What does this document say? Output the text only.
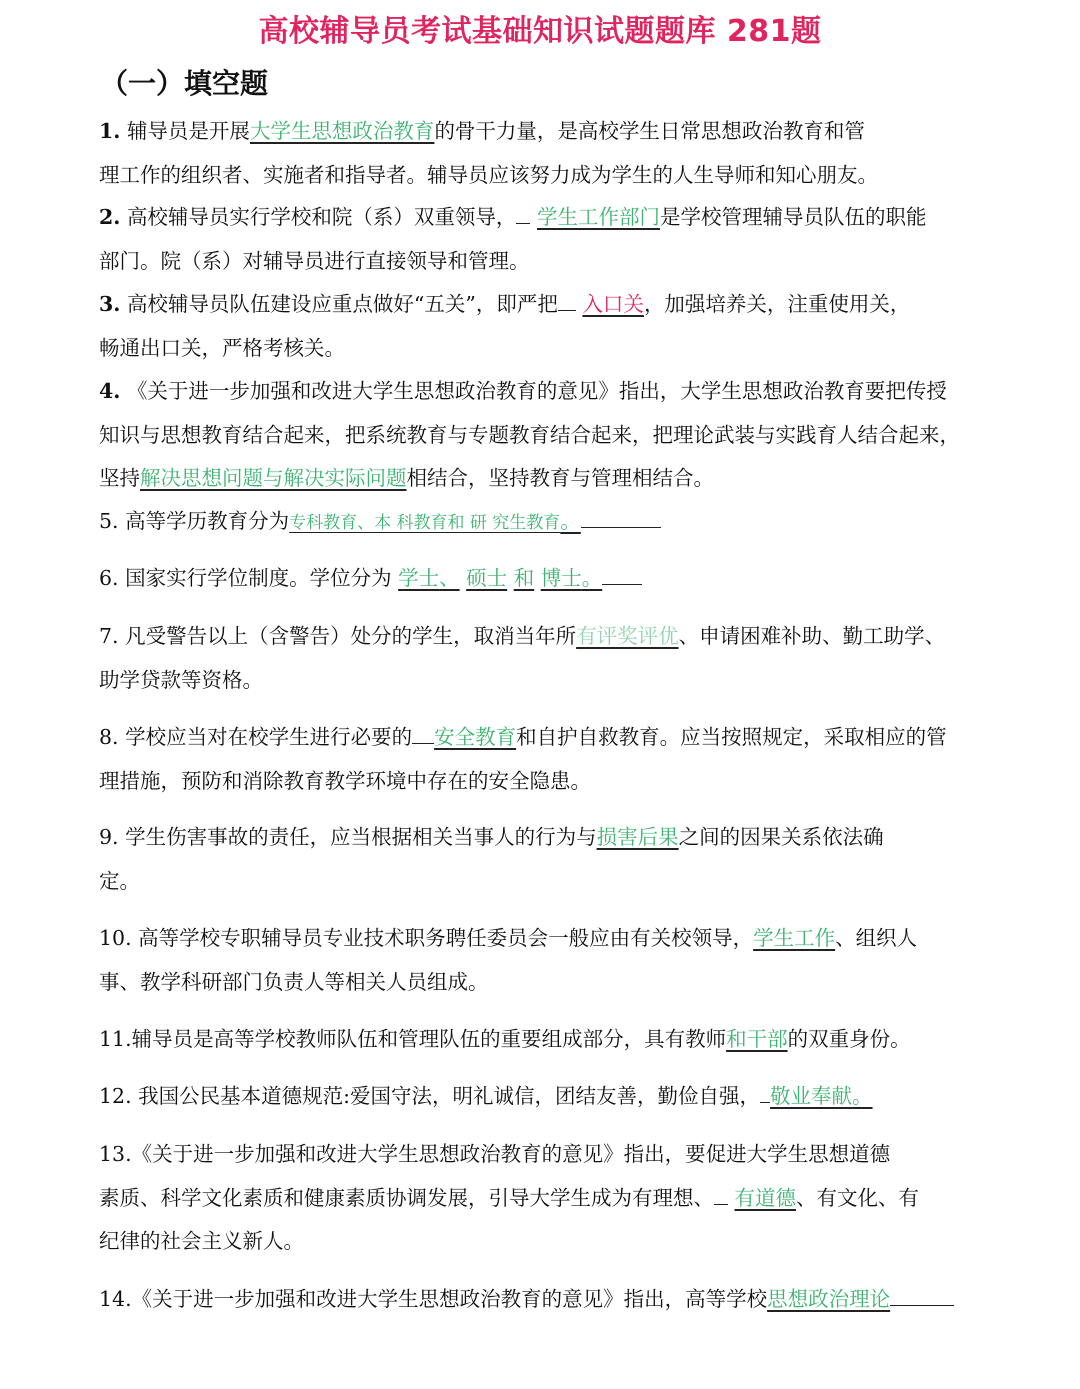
高校辅导员考试基础知识试题题库 281题
（一）填空题
1. 辅导员是开展大学生思想政治教育的骨干力量，是高校学生日常思想政治教育和管
理工作的组织者、实施者和指导者。辅导员应该努力成为学生的人生导师和知心朋友。
2. 高校辅导员实行学校和院（系）双重领导， 学生工作部门是学校管理辅导员队伍的职能
部门。院（系）对辅导员进行直接领导和管理。
3. 高校辅导员队伍建设应重点做好“五关”，即严把 入口关，加强培养关，注重使用关，
畅通出口关，严格考核关。
4. 《关于进一步加强和改进大学生思想政治教育的意见》指出，大学生思想政治教育要把传授
知识与思想教育结合起来，把系统教育与专题教育结合起来，把理论武装与实践育人结合起来，
坚持解决思想问题与解决实际问题相结合，坚持教育与管理相结合。
5. 高等学历教育分为专科教育、本 科教育和 研 究生教育。
6. 国家实行学位制度。学位分为 学士、 硕士 和 博士。
7. 凡受警告以上（含警告）处分的学生，取消当年所有评奖评优、申请困难补助、勤工助学、
助学贷款等资格。
8. 学校应当对在校学生进行必要的 安全教育和自护自救教育。应当按照规定，采取相应的管
理措施，预防和消除教育教学环境中存在的安全隐患。
9. 学生伤害事故的责任，应当根据相关当事人的行为与损害后果之间的因果关系依法确
定。
10. 高等学校专职辅导员专业技术职务聘任委员会一般应由有关校领导，学生工作、组织人
事、教学科研部门负责人等相关人员组成。
11.辅导员是高等学校教师队伍和管理队伍的重要组成部分，具有教师和干部的双重身份。
12. 我国公民基本道德规范:爱国守法，明礼诚信，团结友善，勤俭自强， 敬业奉献。
13.《关于进一步加强和改进大学生思想政治教育的意见》指出，要促进大学生思想道德
素质、科学文化素质和健康素质协调发展，引导大学生成为有理想、 有道德、有文化、有
纪律的社会主义新人。
14.《关于进一步加强和改进大学生思想政治教育的意见》指出，高等学校思想政治理论
